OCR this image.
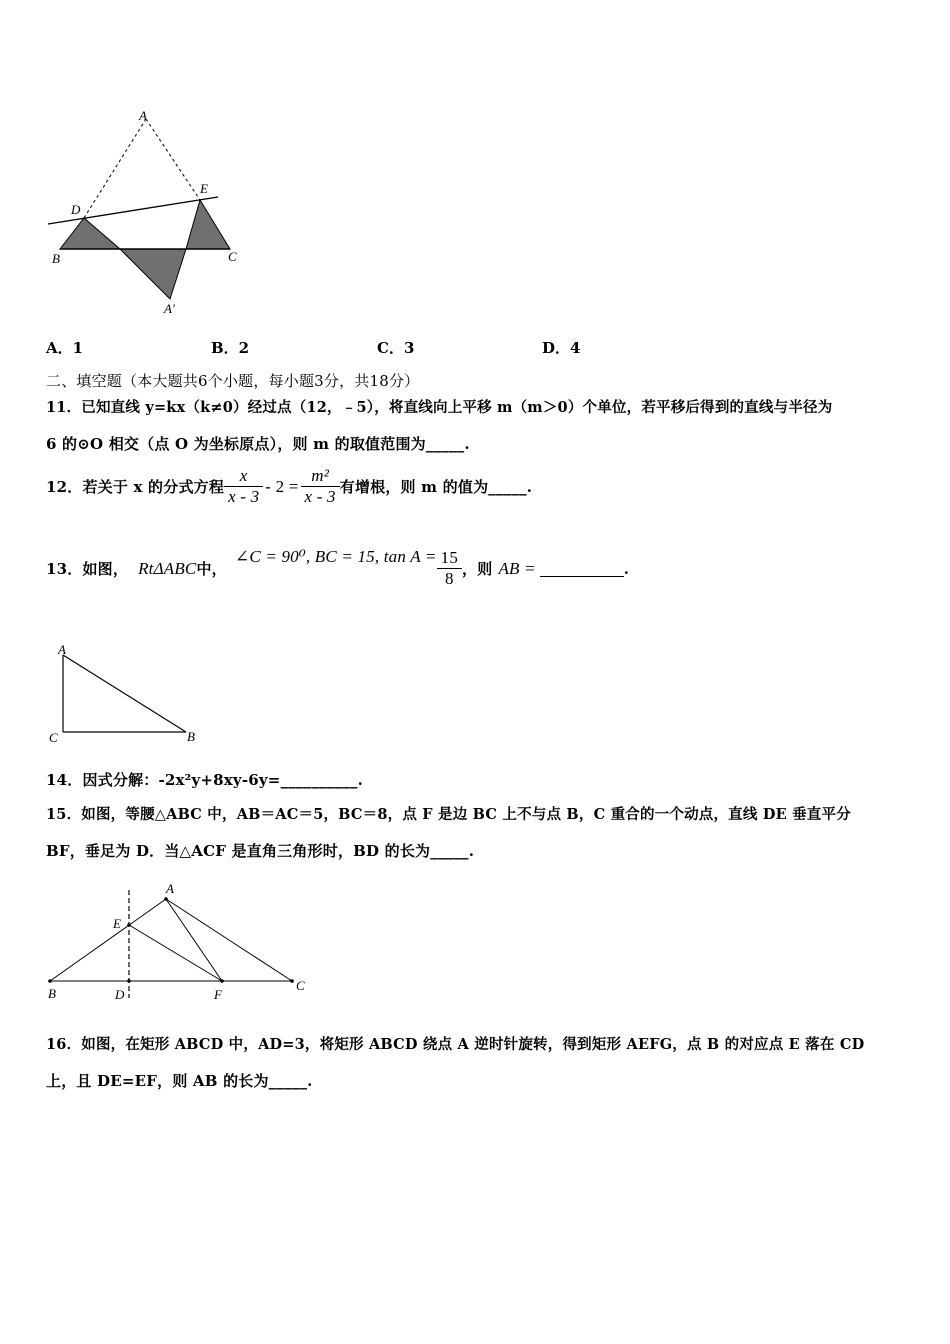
A
D
E
B	C
A′
A．1	B．2	C．3	D．4
二、填空题（本大题共6个小题，每小题3分，共18分）
11．已知直线 y=kx（k≠0）经过点（12，﹣5），将直线向上平移 m（m＞0）个单位，若平移后得到的直线与半径为
6 的⊙O 相交（点 O 为坐标原点），则 m 的取值范围为_____.
12．若关于 x 的分式方程 $\frac{x}{x - 3} - 2 = \frac{\text{m²}}{x - 3}$ 有增根，则 m 的值为_____.
13．如图， RtΔABC 中，
∠C = 90⁰, BC = 15, $\tan A = \frac{15}{8}$ ，则 AB =	.
A
C	B
14．因式分解：-2x²y+8xy-6y=__________.
15．如图，等腰△ABC 中，AB＝AC＝5，BC＝8，点 F 是边 BC 上不与点 B，C 重合的一个动点，直线 DE 垂直平分
BF，垂足为 D．当△ACF 是直角三角形时，BD 的长为_____.
A
E
B	D	F
C
16．如图，在矩形 ABCD 中，AD=3，将矩形 ABCD 绕点 A 逆时针旋转，得到矩形 AEFG，点 B 的对应点 E 落在 CD
上，且 DE=EF，则 AB 的长为_____.
